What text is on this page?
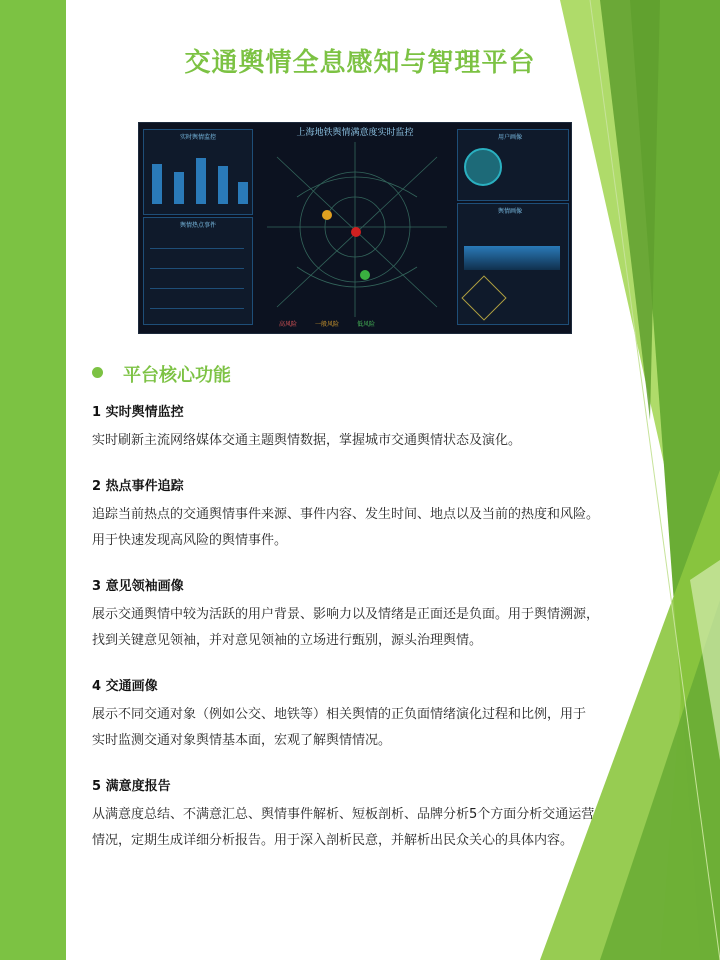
交通舆情全息感知与智理平台
上海地铁舆情满意度实时监控
实时舆情监控
舆情热点事件
高风险	一般风险	低风险
用户画像
舆情画像
平台核心功能
1 实时舆情监控

实时刷新主流网络媒体交通主题舆情数据，掌握城市交通舆情状态及演化。

2 热点事件追踪

追踪当前热点的交通舆情事件来源、事件内容、发生时间、地点以及当前的热度和风险。

用于快速发现高风险的舆情事件。

3 意见领袖画像

展示交通舆情中较为活跃的用户背景、影响力以及情绪是正面还是负面。用于舆情溯源，

找到关键意见领袖，并对意见领袖的立场进行甄别，源头治理舆情。

4 交通画像

展示不同交通对象（例如公交、地铁等）相关舆情的正负面情绪演化过程和比例，用于

实时监测交通对象舆情基本面，宏观了解舆情情况。

5 满意度报告

从满意度总结、不满意汇总、舆情事件解析、短板剖析、品牌分析5个方面分析交通运营

情况，定期生成详细分析报告。用于深入剖析民意，并解析出民众关心的具体内容。
